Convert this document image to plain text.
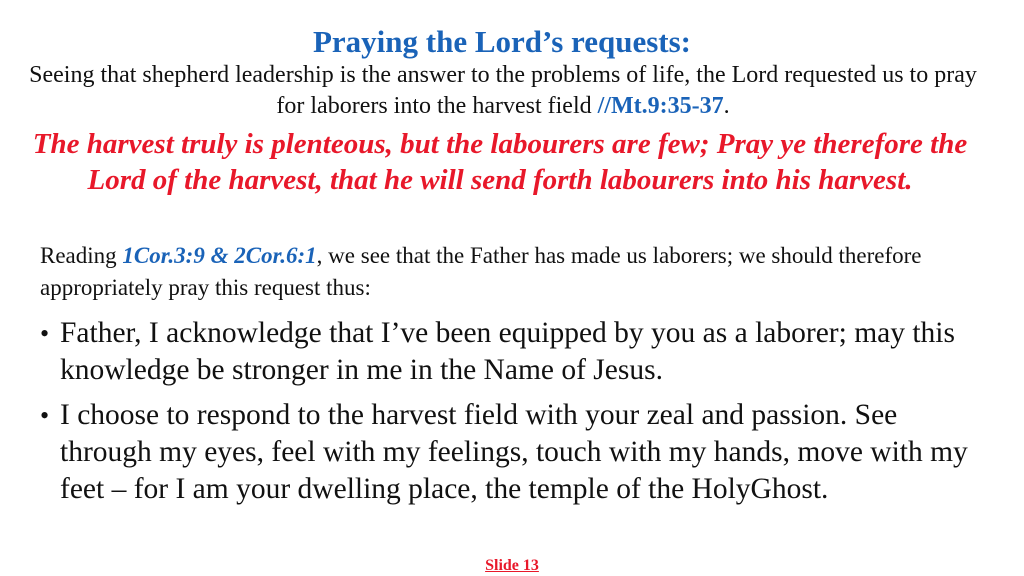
Praying the Lord’s requests:
Seeing that shepherd leadership is the answer to the problems of life, the Lord requested us to pray for laborers into the harvest field //Mt.9:35-37.
The harvest truly is plenteous, but the labourers are few; Pray ye therefore the Lord of the harvest, that he will send forth labourers into his harvest.
Reading 1Cor.3:9 & 2Cor.6:1, we see that the Father has made us laborers; we should therefore appropriately pray this request thus:
• Father, I acknowledge that I’ve been equipped by you as a laborer; may this knowledge be stronger in me in the Name of Jesus.
• I choose to respond to the harvest field with your zeal and passion. See through my eyes, feel with my feelings, touch with my hands, move with my feet – for I am your dwelling place, the temple of the HolyGhost.
Slide 13
